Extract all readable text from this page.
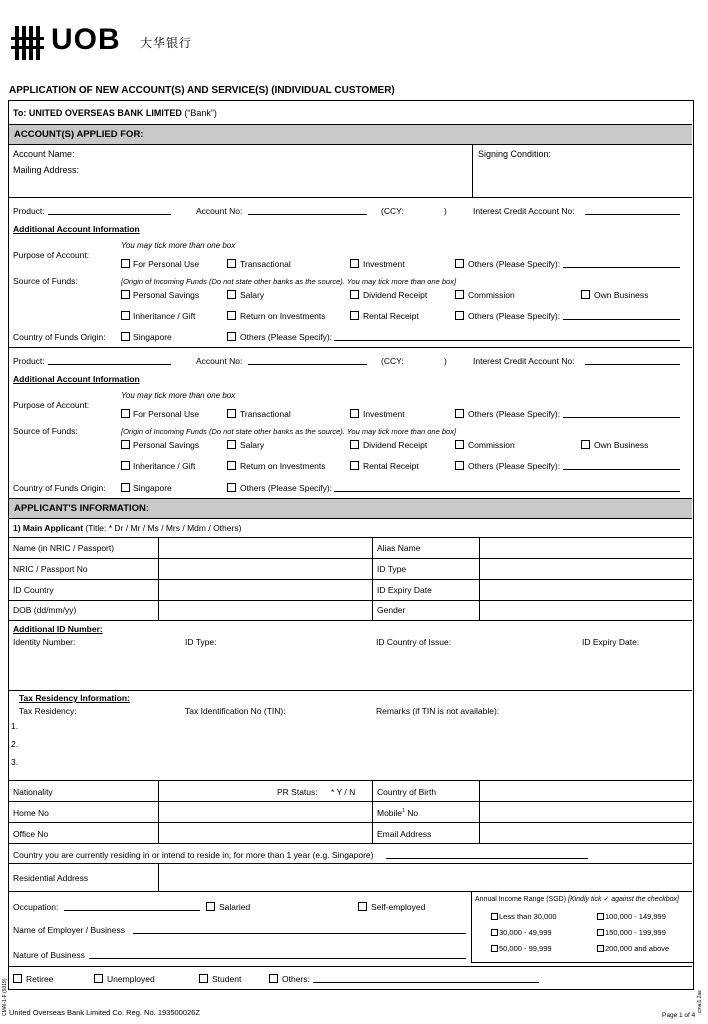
UOB 大华银行
APPLICATION OF NEW ACCOUNT(S) AND SERVICE(S) (INDIVIDUAL CUSTOMER)
To: UNITED OVERSEAS BANK LIMITED (“Bank”)
ACCOUNT(S) APPLIED FOR:
Account Name:
Mailing Address:
Signing Condition:
Product:	Account No:	(CCY:	)	Interest Credit Account No:
Additional Account Information
You may tick more than one box
Purpose of Account:
For Personal Use	Transactional	Investment	Others (Please Specify):
Source of Funds:	[Origin of Incoming Funds (Do not state other banks as the source). You may tick more than one box]
Personal Savings	Salary	Dividend Receipt	Commission	Own Business
Inheritance / Gift	Return on Investments	Rental Receipt	Others (Please Specify):
Country of Funds Origin:	Singapore	Others (Please Specify):
Product:	Account No:	(CCY:	)	Interest Credit Account No:
Additional Account Information
You may tick more than one box
Purpose of Account:
For Personal Use	Transactional	Investment	Others (Please Specify):
Source of Funds:	[Origin of Incoming Funds (Do not state other banks as the source). You may tick more than one box]
Personal Savings	Salary	Dividend Receipt	Commission	Own Business
Inheritance / Gift	Return on Investments	Rental Receipt	Others (Please Specify):
Country of Funds Origin:	Singapore	Others (Please Specify):
APPLICANT'S INFORMATION:
1) Main Applicant (Title: * Dr / Mr / Ms / Mrs / Mdm / Others)
Name (in NRIC / Passport)	Alias Name
NRIC / Passport No	ID Type
ID Country	ID Expiry Date
DOB (dd/mm/yy)	Gender
Additional ID Number:
Identity Number:	ID Type:	ID Country of Issue:	ID Expiry Date:
Tax Residency Information:
Tax Residency:	Tax Identification No (TIN):	Remarks (if TIN is not available):
1.
2.
3.
Nationality	PR Status: * Y / N	Country of Birth
Home No	Mobile$^1$ No
Office No	Email Address
Country you are currently residing in or intend to reside in, for more than 1 year (e.g. Singapore)
Residential Address
Occupation:	Salaried	Self-employed
Name of Employer / Business
Nature of Business
Annual Income Range (SGD) [Kindly tick ✓ against the checkbox]
Less than 30,000	100,000 - 149,999
30,000 - 49,999	150,000 - 199,999
50,000 - 99,999	200,000 and above
Retiree	Unemployed	Student	Others:
CMAI-1-F (9319)	cmai1.2ae
United Overseas Bank Limited Co. Reg. No. 193500026Z	Page 1 of 4
